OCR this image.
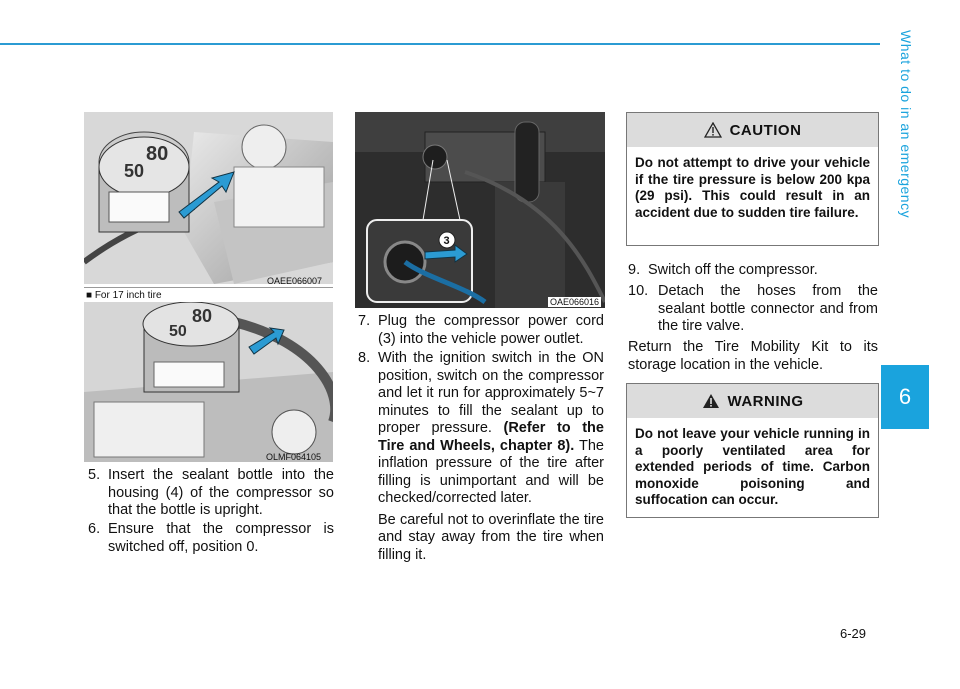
What to do in an emergency
6
80
50
OAEE066007
■ For 17 inch tire
80
50
OLMF064105
3
OAE066016
5. Insert the sealant bottle into the housing (4) of the compressor so that the bottle is upright.
6. Ensure that the compressor is switched off, position 0.
7. Plug the compressor power cord (3) into the vehicle power outlet.
8. With the ignition switch in the ON position, switch on the compressor and let it run for approximately 5~7 minutes to fill the sealant up to proper pressure. (Refer to the Tire and Wheels, chapter 8). The inflation pressure of the tire after filling is unimportant and will be checked/corrected later.
Be careful not to overinflate the tire and stay away from the tire when filling it.
9. Switch off the compressor.
10. Detach the hoses from the sealant bottle connector and from the tire valve.
Return the Tire Mobility Kit to its storage location in the vehicle.
CAUTION
Do not attempt to drive your vehicle if the tire pressure is below 200 kpa (29 psi). This could result in an accident due to sudden tire failure.
WARNING
Do not leave your vehicle running in a poorly ventilated area for extended periods of time. Carbon monoxide poisoning and suffocation can occur.
6-29
